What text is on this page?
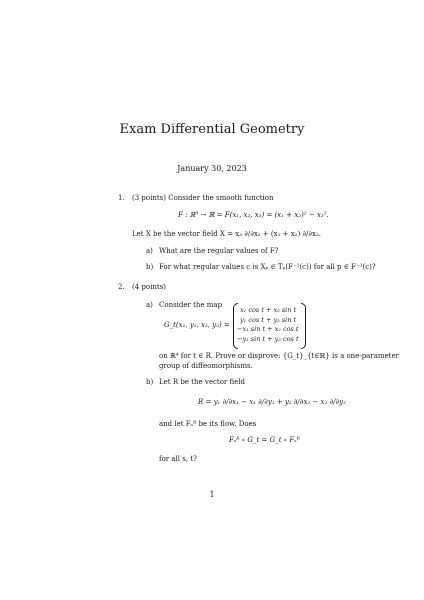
Exam Differential Geometry
January 30, 2023
1. (3 points) Consider the smooth function
F : ℝ³ → ℝ = F(x₁, x₂, x₃) = (x₁ + x₂)² − x₃².
Let X be the vector field X = x₃ ∂/∂x₂ + (x₁ + x₂) ∂/∂x₃.
a) What are the regular values of F?
b) For what regular values c is Xₚ ∈ Tₚ(F⁻¹(c)) for all p ∈ F⁻¹(c)?
2. (4 points)
a) Consider the map
G_t(x₁, y₁, x₂, y₂) =
x₁ cos t + x₂ sin t
y₁ cos t + y₂ sin t
−x₁ sin t + x₂ cos t
−y₁ sin t + y₂ cos t
on ℝ⁴ for t ∈ R. Prove or disprove: {G_t}_{t∈ℝ} is a one-parameter
group of diffeomorphisms.
b) Let R be the vector field
R = y₁ ∂/∂x₁ − x₁ ∂/∂y₁ + y₂ ∂/∂x₂ − x₂ ∂/∂y₂
and let Fₛᴿ be its flow. Does
Fₛᴿ ∘ G_t = G_t ∘ Fₛᴿ
for all s, t?
1
